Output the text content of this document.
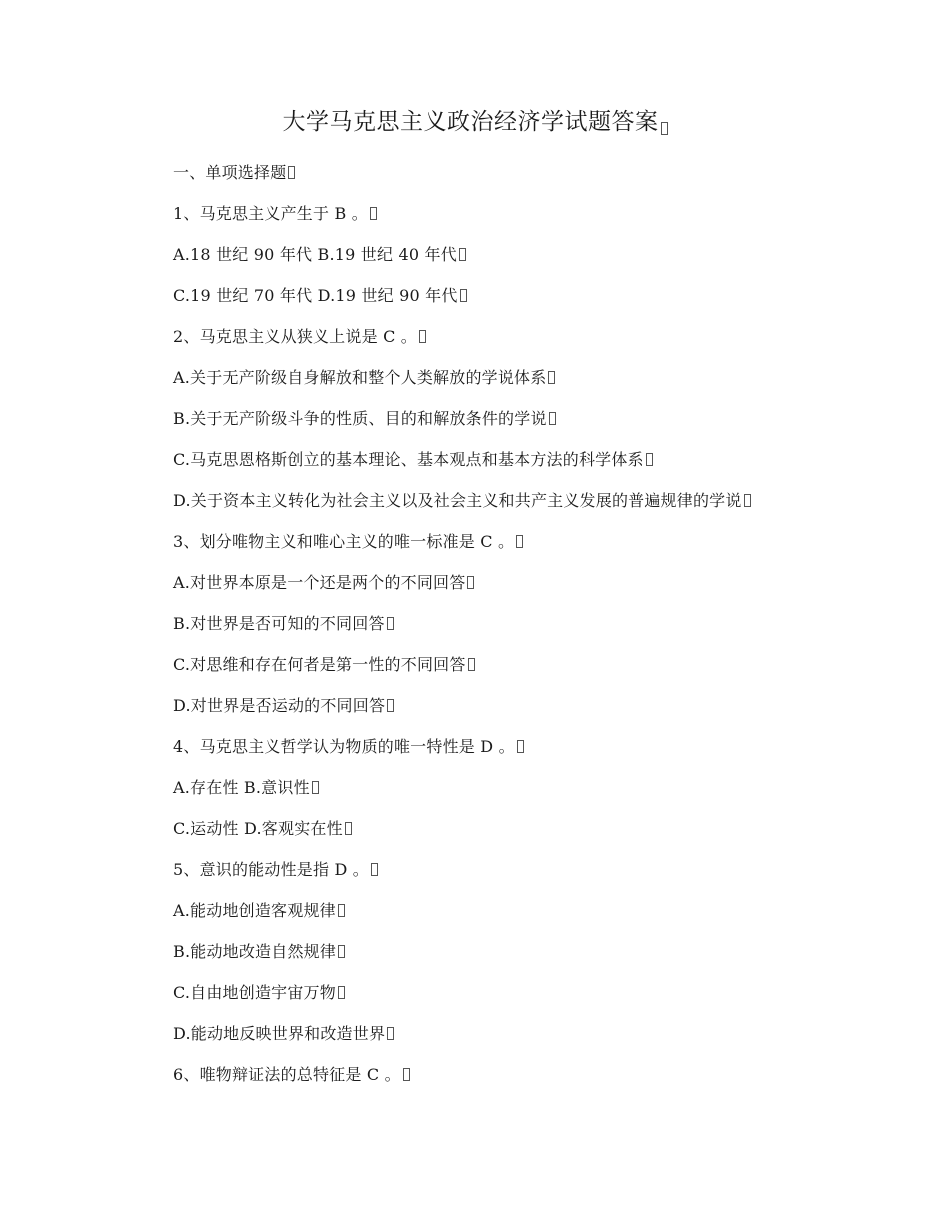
大学马克思主义政治经济学试题答案
一、单项选择题
1、马克思主义产生于 B 。
A.18 世纪 90 年代 B.19 世纪 40 年代
C.19 世纪 70 年代 D.19 世纪 90 年代
2、马克思主义从狭义上说是 C 。
A.关于无产阶级自身解放和整个人类解放的学说体系
B.关于无产阶级斗争的性质、目的和解放条件的学说
C.马克思恩格斯创立的基本理论、基本观点和基本方法的科学体系
D.关于资本主义转化为社会主义以及社会主义和共产主义发展的普遍规律的学说
3、划分唯物主义和唯心主义的唯一标准是 C 。
A.对世界本原是一个还是两个的不同回答
B.对世界是否可知的不同回答
C.对思维和存在何者是第一性的不同回答
D.对世界是否运动的不同回答
4、马克思主义哲学认为物质的唯一特性是 D 。
A.存在性 B.意识性
C.运动性 D.客观实在性
5、意识的能动性是指 D 。
A.能动地创造客观规律
B.能动地改造自然规律
C.自由地创造宇宙万物
D.能动地反映世界和改造世界
6、唯物辩证法的总特征是 C 。
